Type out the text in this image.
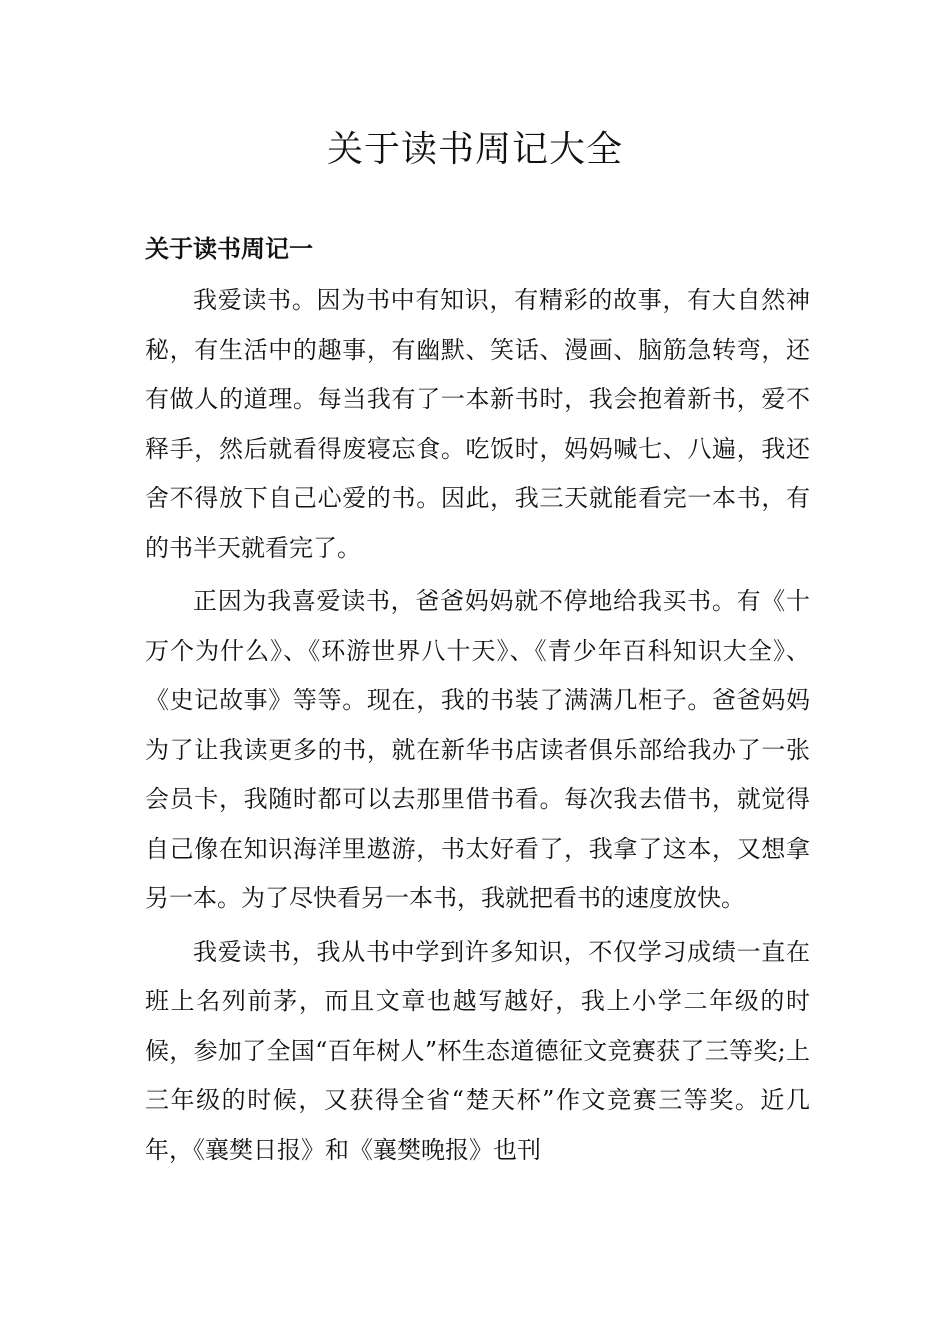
关于读书周记大全
关于读书周记一

我爱读书。因为书中有知识，有精彩的故事，有大自然神秘，有生活中的趣事，有幽默、笑话、漫画、脑筋急转弯，还有做人的道理。每当我有了一本新书时，我会抱着新书，爱不释手，然后就看得废寝忘食。吃饭时，妈妈喊七、八遍，我还舍不得放下自己心爱的书。因此，我三天就能看完一本书，有的书半天就看完了。

正因为我喜爱读书，爸爸妈妈就不停地给我买书。有《十万个为什么》、《环游世界八十天》、《青少年百科知识大全》、《史记故事》等等。现在，我的书装了满满几柜子。爸爸妈妈为了让我读更多的书，就在新华书店读者俱乐部给我办了一张会员卡，我随时都可以去那里借书看。每次我去借书，就觉得自己像在知识海洋里遨游，书太好看了，我拿了这本，又想拿另一本。为了尽快看另一本书，我就把看书的速度放快。

我爱读书，我从书中学到许多知识，不仅学习成绩一直在班上名列前茅，而且文章也越写越好，我上小学二年级的时候，参加了全国“百年树人”杯生态道德征文竞赛获了三等奖;上三年级的时候，又获得全省“楚天杯”作文竞赛三等奖。近几年，《襄樊日报》和《襄樊晚报》也刊
